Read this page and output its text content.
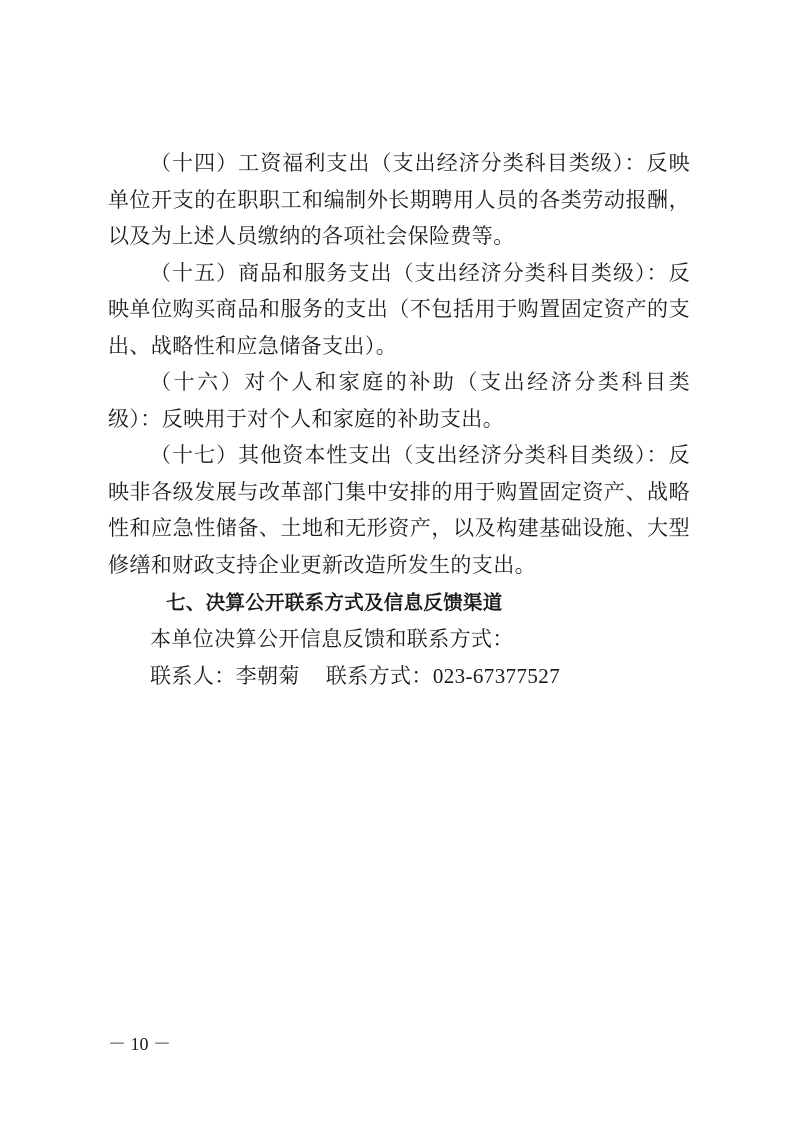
（十四）工资福利支出（支出经济分类科目类级）：反映单位开支的在职职工和编制外长期聘用人员的各类劳动报酬，以及为上述人员缴纳的各项社会保险费等。

（十五）商品和服务支出（支出经济分类科目类级）：反映单位购买商品和服务的支出（不包括用于购置固定资产的支出、战略性和应急储备支出）。

（十六）对个人和家庭的补助（支出经济分类科目类级）：反映用于对个人和家庭的补助支出。

（十七）其他资本性支出（支出经济分类科目类级）：反映非各级发展与改革部门集中安排的用于购置固定资产、战略性和应急性储备、土地和无形资产，以及构建基础设施、大型修缮和财政支持企业更新改造所发生的支出。

七、决算公开联系方式及信息反馈渠道

本单位决算公开信息反馈和联系方式：

联系人：李朝菊 联系方式：023-67377527

－ 10 －
